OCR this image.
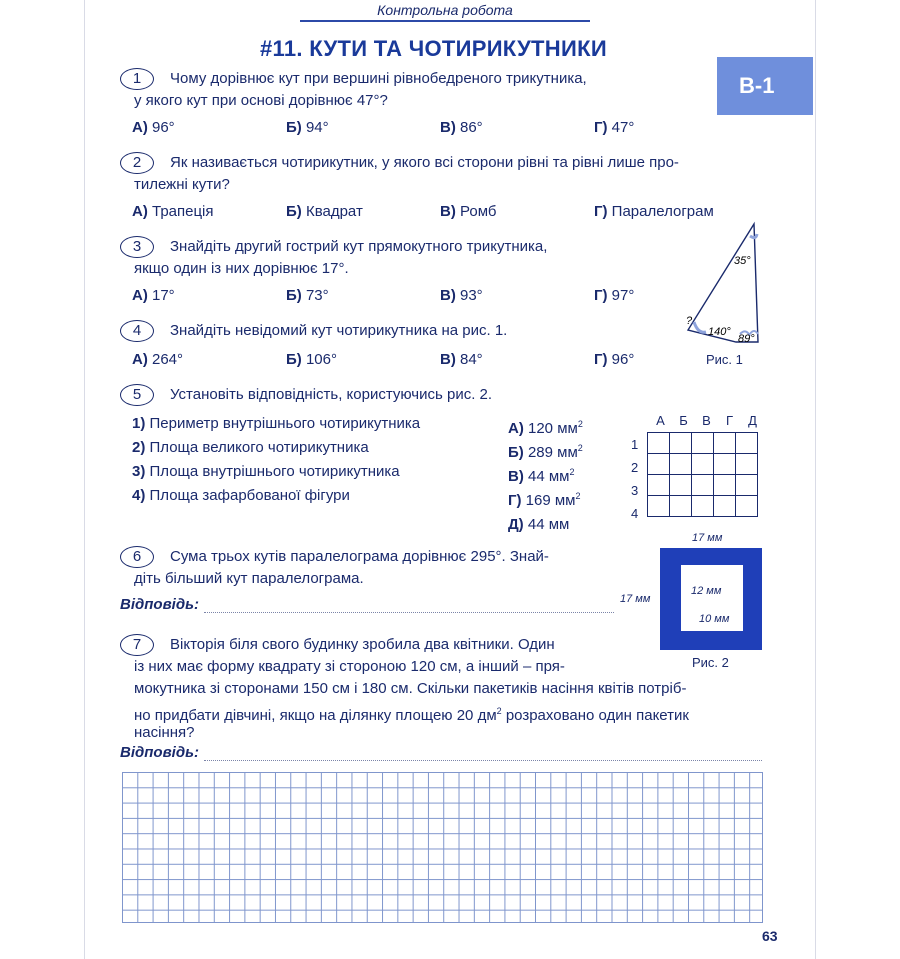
Контрольна робота
#11. КУТИ ТА ЧОТИРИКУТНИКИ
В-1
1	Чому дорівнює кут при вершині рівнобедреного трикутника,
у якого кут при основі дорівнює 47°?
А) 96°	Б) 94°	В) 86°	Г) 47°
2	Як називається чотирикутник, у якого всі сторони рівні та рівні лише про-
тилежні кути?
А) Трапеція	Б) Квадрат	В) Ромб	Г) Паралелограм
3	Знайдіть другий гострий кут прямокутного трикутника,
якщо один із них дорівнює 17°.
А) 17°	Б) 73°	В) 93°	Г) 97°
35°
?
140°
89°
Рис. 1
4	Знайдіть невідомий кут чотирикутника на рис. 1.
А) 264°	Б) 106°	В) 84°	Г) 96°
5	Установіть відповідність, користуючись рис. 2.
1) Периметр внутрішнього чотирикутника
2) Площа великого чотирикутника
3) Площа внутрішнього чотирикутника
4) Площа зафарбованої фігури
А) 120 $мм^2$
Б) 289 $мм^2$
В) 44 $мм^2$
Г) 169 $мм^2$
Д) 44 мм
А Б В Г Д
1
2
3
4

17 мм
17 мм
12 мм
10 мм
Рис. 2
6	Сума трьох кутів паралелограма дорівнює 295°. Знай-
діть більший кут паралелограма.
Відповідь:
7	Вікторія біля свого будинку зробила два квітники. Один
із них має форму квадрату зі стороною 120 см, а інший – пря-
мокутника зі сторонами 150 см і 180 см. Скільки пакетиків насіння квітів потріб-
но придбати дівчині, якщо на ділянку площею 20 $дм^2$ розраховано один пакетик
насіння?
Відповідь:
63
